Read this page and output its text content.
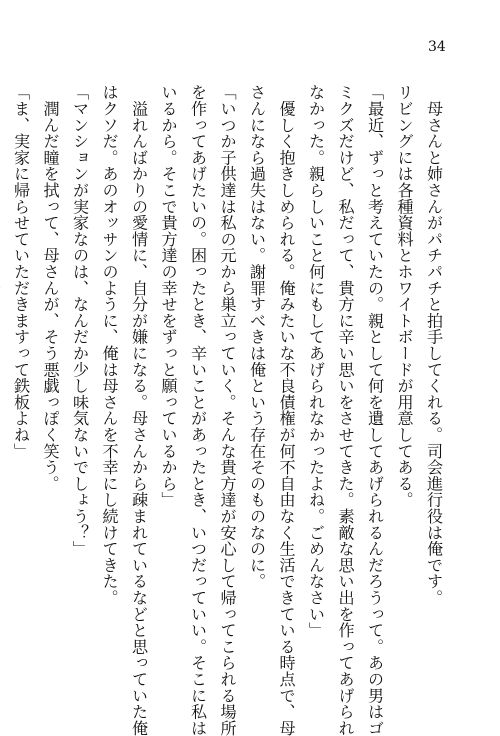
34
　母さんと姉さんがパチパチと拍手してくれる。司会進行役は俺です。
リビングには各種資料とホワイトボードが用意してある。
「最近、ずっと考えていたの。親として何を遺してあげられるんだろうって。あの男はゴ
ミクズだけど、私だって、貴方に辛い思いをさせてきた。素敵な思い出を作ってあげられ
なかった。親らしいこと何にもしてあげられなかったよね。ごめんなさい」
　優しく抱きしめられる。俺みたいな不良債権が何不自由なく生活できている時点で、母
さんになら過失はない。謝罪すべきは俺という存在そのものなのに。
「いつか子供達は私の元から巣立っていく。そんな貴方達が安心して帰ってこられる場所
を作ってあげたいの。困ったとき、辛いことがあったとき、いつだっていい。そこに私は
いるから。そこで貴方達の幸せをずっと願っているから」
　溢れんばかりの愛情に、自分が嫌になる。母さんから疎まれているなどと思っていた俺
はクソだ。あのオッサンのように、俺は母さんを不幸にし続けてきた。
「マンションが実家なのは、なんだか少し味気ないでしょう？」
　潤んだ瞳を拭って、母さんが、そう悪戯っぽく笑う。
「ま、実家に帰らせていただきますって鉄板よね」
